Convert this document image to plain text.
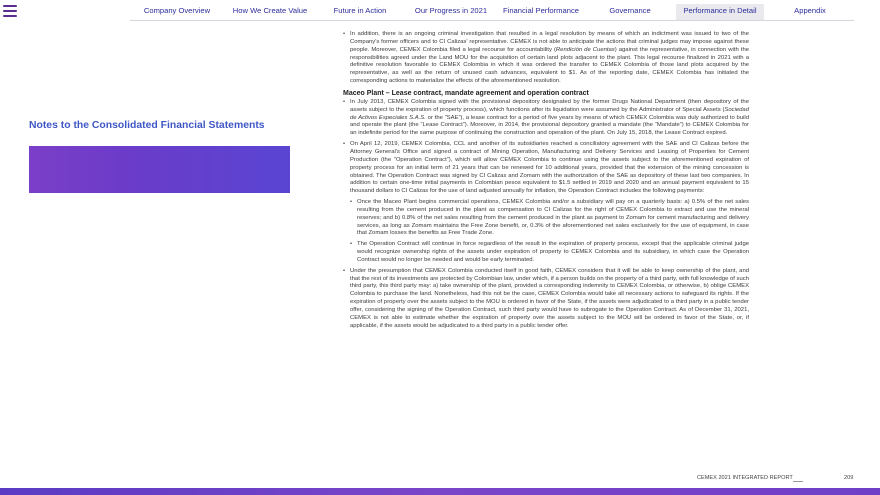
Company Overview	How We Create Value	Future in Action	Our Progress in 2021	Financial Performance	Governance	Performance in Detail	Appendix
Notes to the Consolidated Financial Statements
• In addition, there is an ongoing criminal investigation that resulted in a legal resolution by means of which an indictment was issued to two of the Company's former officers and to CI Calizas' representative. CEMEX is not able to anticipate the actions that criminal judges may impose against these people. Moreover, CEMEX Colombia filed a legal recourse for accountability (Rendición de Cuentas) against the representative, in connection with the responsibilities agreed under the Land MOU for the acquisition of certain land plots adjacent to the plant. This legal recourse finalized in 2021 with a definitive resolution favorable to CEMEX Colombia in which it was ordered the transfer to CEMEX Colombia of those land plots acquired by the representative, as well as the return of unused cash advances, equivalent to $1. As of the reporting date, CEMEX Colombia has initiated the corresponding actions to materialize the effects of the aforementioned resolution.
Maceo Plant – Lease contract, mandate agreement and operation contract
• In July 2013, CEMEX Colombia signed with the provisional depository designated by the former Drugs National Department (then depository of the assets subject to the expiration of property process), which functions after its liquidation were assumed by the Administrator of Special Assets (Sociedad de Activos Especiales S.A.S. or the “SAE”), a lease contract for a period of five years by means of which CEMEX Colombia was duly authorized to build and operate the plant (the “Lease Contract”). Moreover, in 2014, the provisional depository granted a mandate (the “Mandate”) to CEMEX Colombia for an indefinite period for the same purpose of continuing the construction and operation of the plant. On July 15, 2018, the Lease Contract expired.
• On April 12, 2019, CEMEX Colombia, CCL and another of its subsidiaries reached a conciliatory agreement with the SAE and CI Calizas before the Attorney General's Office and signed a contract of Mining Operation, Manufacturing and Delivery Services and Leasing of Properties for Cement Production (the “Operation Contract”), which will allow CEMEX Colombia to continue using the assets subject to the aforementioned expiration of property process for an initial term of 21 years that can be renewed for 10 additional years, provided that the extension of the mining concession is obtained. The Operation Contract was signed by CI Calizas and Zomam with the authorization of the SAE as depository of these last two companies. In addition to certain one-time initial payments in Colombian pesos equivalent to $1.5 settled in 2019 and 2020 and an annual payment equivalent to 15 thousand dollars to CI Calizas for the use of land adjusted annually for inflation, the Operation Contract includes the following payments:
• Once the Maceo Plant begins commercial operations, CEMEX Colombia and/or a subsidiary will pay on a quarterly basis: a) 0.5% of the net sales resulting from the cement produced in the plant as compensation to CI Calizas for the right of CEMEX Colombia to extract and use the mineral reserves; and b) 0.8% of the net sales resulting from the cement produced in the plant as payment to Zomam for cement manufacturing and delivery services, as long as Zomam maintains the Free Zone benefit, or, 0.3% of the aforementioned net sales exclusively for the use of equipment, in case that Zomam losses the benefits as Free Trade Zone.
• The Operation Contract will continue in force regardless of the result in the expiration of property process, except that the applicable criminal judge would recognize ownership rights of the assets under expiration of property to CEMEX Colombia and its subsidiary, in which case the Operation Contract would no longer be needed and would be early terminated.
• Under the presumption that CEMEX Colombia conducted itself in good faith, CEMEX considers that it will be able to keep ownership of the plant, and that the rest of its investments are protected by Colombian law, under which, if a person builds on the property of a third party, with full knowledge of such third party, this third party may: a) take ownership of the plant, provided a corresponding indemnity to CEMEX Colombia, or otherwise, b) oblige CEMEX Colombia to purchase the land. Nonetheless, had this not be the case, CEMEX Colombia would take all necessary actions to safeguard its rights. If the expiration of property over the assets subject to the MOU is ordered in favor of the State, if the assets were adjudicated to a third party in a public tender offer, considering the signing of the Operation Contract, such third party would have to subrogate to the Operation Contract. As of December 31, 2021, CEMEX is not able to estimate whether the expiration of property over the assets subject to the MOU will be ordered in favor of the State, or, if applicable, if the assets would be adjudicated to a third party in a public tender offer.
CEMEX 2021 INTEGRATED REPORT	209
